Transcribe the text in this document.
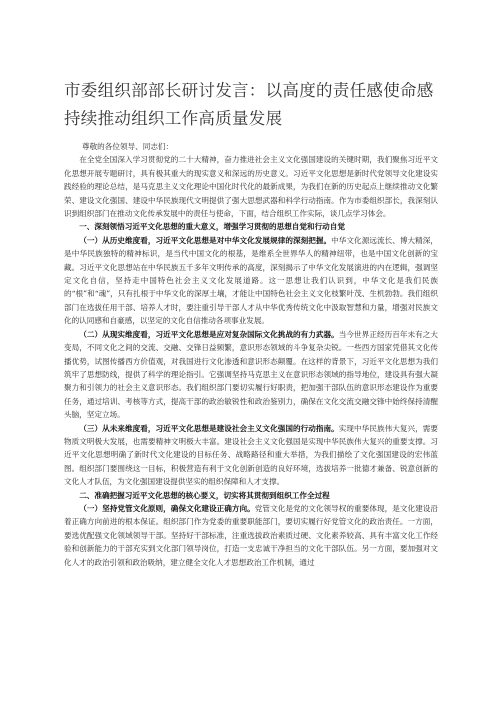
市委组织部部长研讨发言：以高度的责任感使命感
持续推动组织工作高质量发展

尊敬的各位领导、同志们：

在全党全国深入学习贯彻党的二十大精神，奋力推进社会主义文化强国建设的关键时期，我们聚焦习近平文化思想开展专题研讨，具有极其重大的现实意义和深远的历史意义。习近平文化思想是新时代党领导文化建设实践经验的理论总结，是马克思主义文化理论中国化时代化的最新成果，为我们在新的历史起点上继续推动文化繁荣、建设文化强国、建设中华民族现代文明提供了强大思想武器和科学行动指南。作为市委组织部长，我深刻认识到组织部门在推动文化传承发展中的责任与使命，下面，结合组织工作实际，谈几点学习体会。

一、深刻领悟习近平文化思想的重大意义，增强学习贯彻的思想自觉和行动自觉

（一）从历史维度看，习近平文化思想是对中华文化发展规律的深刻把握。中华文化源远流长、博大精深，是中华民族独特的精神标识，是当代中国文化的根基，是维系全世界华人的精神纽带，也是中国文化创新的宝藏。习近平文化思想站在中华民族五千多年文明传承的高度，深刻揭示了中华文化发展演进的内在逻辑，强调坚定文化自信，坚持走中国特色社会主义文化发展道路。这一思想让我们认识到，中华文化是我们民族的“根”和“魂”，只有扎根于中华文化的深厚土壤，才能让中国特色社会主义文化枝繁叶茂、生机勃勃。我们组织部门在选拔任用干部、培养人才时，要注重引导干部人才从中华优秀传统文化中汲取智慧和力量，增强对民族文化的认同感和自豪感，以坚定的文化自信推动各项事业发展。

（二）从现实维度看，习近平文化思想是应对复杂国际文化挑战的有力武器。当今世界正经历百年未有之大变局，不同文化之间的交流、交融、交锋日益频繁，意识形态领域的斗争复杂尖锐。一些西方国家凭借其文化传播优势，试图传播西方价值观，对我国进行文化渗透和意识形态颠覆。在这样的背景下，习近平文化思想为我们筑牢了思想防线，提供了科学的理论指引。它强调坚持马克思主义在意识形态领域的指导地位，建设具有强大凝聚力和引领力的社会主义意识形态。我们组织部门要切实履行好职责，把加强干部队伍的意识形态建设作为重要任务，通过培训、考核等方式，提高干部的政治敏锐性和政治鉴别力，确保在文化交流交融交锋中始终保持清醒头脑，坚定立场。

（三）从未来维度看，习近平文化思想是建设社会主义文化强国的行动指南。实现中华民族伟大复兴，需要物质文明极大发展，也需要精神文明极大丰富。建设社会主义文化强国是实现中华民族伟大复兴的重要支撑。习近平文化思想明确了新时代文化建设的目标任务、战略路径和重大举措，为我们描绘了文化强国建设的宏伟蓝图。组织部门要围绕这一目标，积极营造有利于文化创新创造的良好环境，选拔培养一批德才兼备、锐意创新的文化人才队伍，为文化强国建设提供坚实的组织保障和人才支撑。

二、准确把握习近平文化思想的核心要义，切实将其贯彻到组织工作全过程

（一）坚持党管文化原则，确保文化建设正确方向。党管文化是党的文化领导权的重要体现，是文化建设沿着正确方向前进的根本保证。组织部门作为党委的重要职能部门，要切实履行好党管文化的政治责任。一方面，要选优配强文化领域领导干部。坚持好干部标准，注重选拔政治素质过硬、文化素养较高、具有丰富文化工作经验和创新能力的干部充实到文化部门领导岗位，打造一支忠诚干净担当的文化干部队伍。另一方面，要加强对文化人才的政治引领和政治吸纳，建立健全文化人才思想政治工作机制，通过
